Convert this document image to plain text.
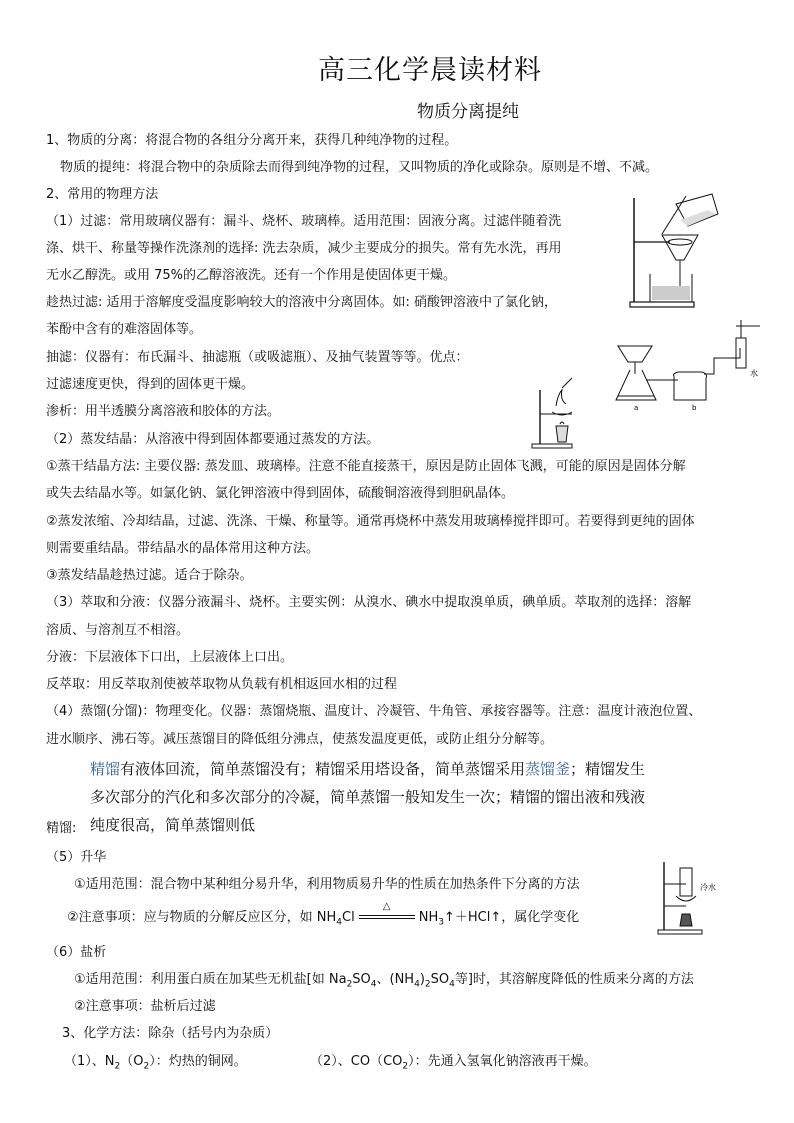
高三化学晨读材料
物质分离提纯
1、物质的分离：将混合物的各组分分离开来，获得几种纯净物的过程。
物质的提纯：将混合物中的杂质除去而得到纯净物的过程，又叫物质的净化或除杂。原则是不增、不减。
2、常用的物理方法
（1）过滤：常用玻璃仪器有：漏斗、烧杯、玻璃棒。适用范围：固液分离。过滤伴随着洗
涤、烘干、称量等操作洗涤剂的选择: 洗去杂质，减少主要成分的损失。常有先水洗，再用
无水乙醇洗。或用 75%的乙醇溶液洗。还有一个作用是使固体更干燥。
趁热过滤: 适用于溶解度受温度影响较大的溶液中分离固体。如: 硝酸钾溶液中了氯化钠，
苯酚中含有的难溶固体等。
抽滤：仪器有：布氏漏斗、抽滤瓶（或吸滤瓶）、及抽气装置等等。优点：
过滤速度更快，得到的固体更干燥。
渗析：用半透膜分离溶液和胶体的方法。
（2）蒸发结晶：从溶液中得到固体都要通过蒸发的方法。
①蒸干结晶方法: 主要仪器: 蒸发皿、玻璃棒。注意不能直接蒸干，原因是防止固体飞溅，可能的原因是固体分解
或失去结晶水等。如氯化钠、氯化钾溶液中得到固体，硫酸铜溶液得到胆矾晶体。
②蒸发浓缩、冷却结晶，过滤、洗涤、干燥、称量等。通常再烧杯中蒸发用玻璃棒搅拌即可。若要得到更纯的固体
则需要重结晶。带结晶水的晶体常用这种方法。
③蒸发结晶趁热过滤。适合于除杂。
（3）萃取和分液：仪器分液漏斗、烧杯。主要实例：从溴水、碘水中提取溴单质，碘单质。萃取剂的选择：溶解
溶质、与溶剂互不相溶。
分液：下层液体下口出，上层液体上口出。
反萃取：用反萃取剂使被萃取物从负载有机相返回水相的过程
（4）蒸馏(分馏)：物理变化。仪器：蒸馏烧瓶、温度计、冷凝管、牛角管、承接容器等。注意：温度计液泡位置、
进水顺序、沸石等。减压蒸馏目的降低组分沸点，使蒸发温度更低，或防止组分分解等。
精馏有液体回流，简单蒸馏没有；精馏采用塔设备，简单蒸馏采用蒸馏釜；精馏发生
多次部分的汽化和多次部分的冷凝，简单蒸馏一般知发生一次；精馏的馏出液和残液
精馏: 纯度很高，简单蒸馏则低
（5）升华
①适用范围：混合物中某种组分易升华，利用物质易升华的性质在加热条件下分离的方法
②注意事项：应与物质的分解反应区分，如 $NH_4Cl$
△
$NH_3↑+HCl↑$，属化学变化
（6）盐析
①适用范围：利用蛋白质在加某些无机盐[如 $Na_2SO_4$、$(NH_4)_2SO_4$等]时，其溶解度降低的性质来分离的方法
②注意事项：盐析后过滤
3、化学方法：除杂（括号内为杂质）
（1）、$N_2(O_2)$：灼热的铜网。	（2）、$CO(CO_2)$：先通入氢氧化钠溶液再干燥。
a	b
水
冷水
